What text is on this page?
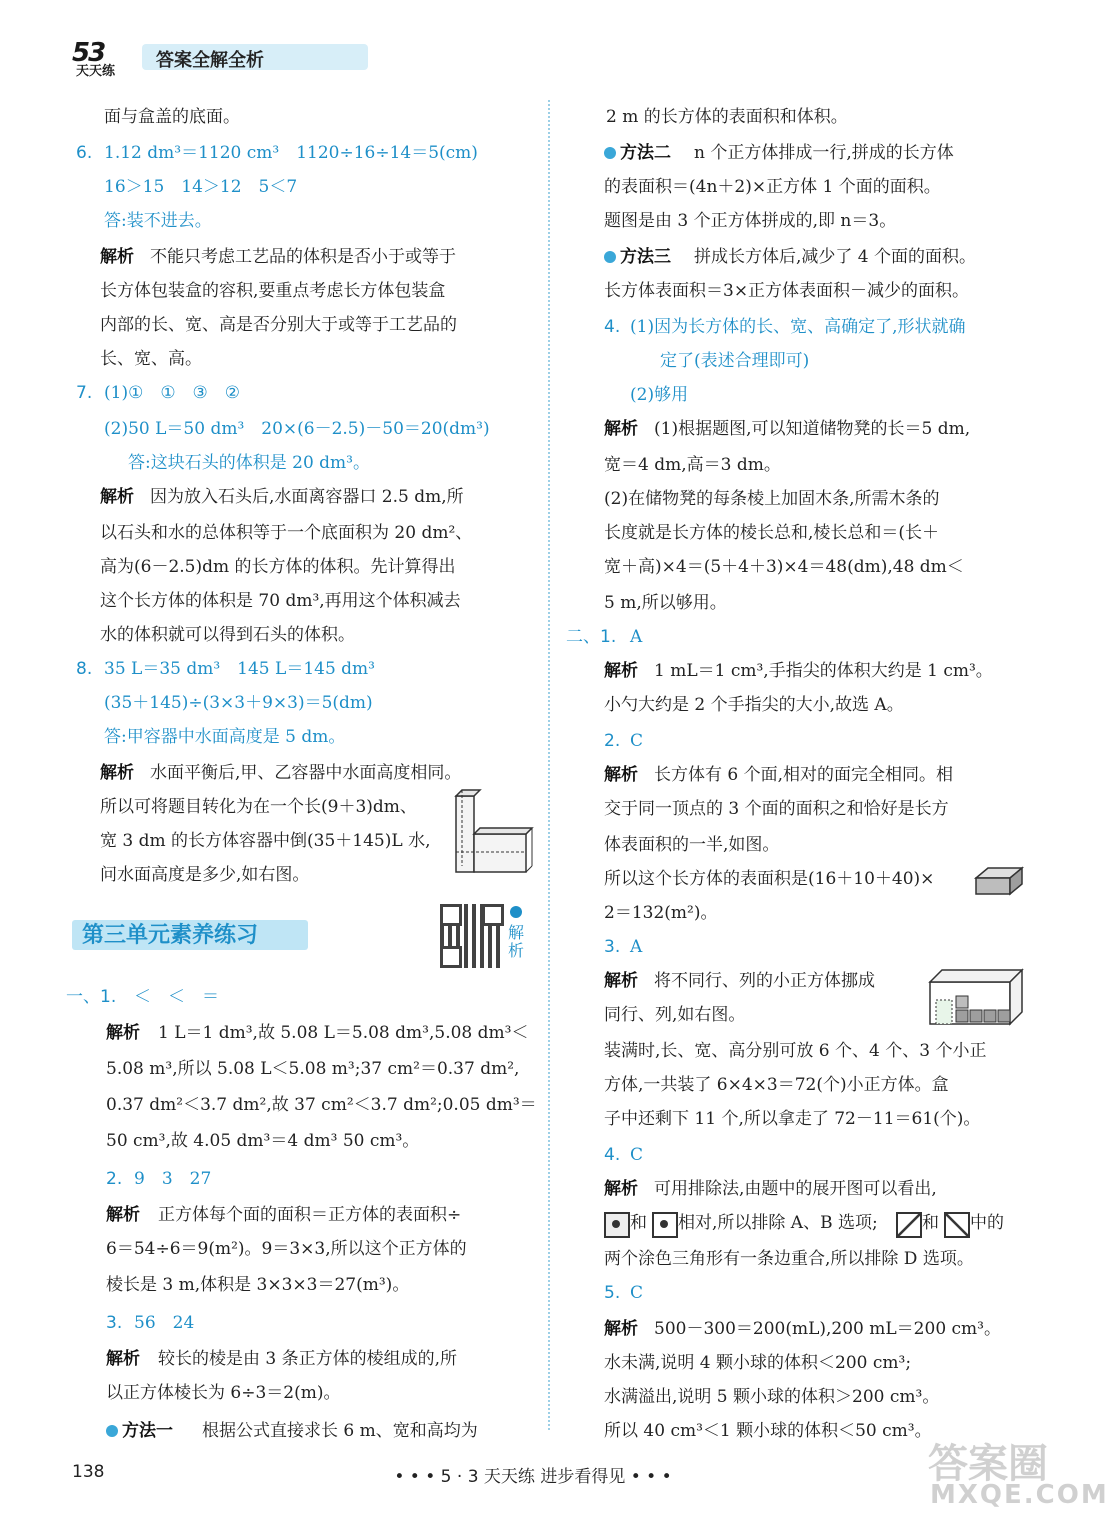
53
天天练
答案全解全析
面与盒盖的底面。
6. 1.12 dm³＝1120 cm³　1120÷16÷14＝5(cm)
16＞15　14＞12　5＜7
答:装不进去。
解析 不能只考虑工艺品的体积是否小于或等于
长方体包装盒的容积,要重点考虑长方体包装盒
内部的长、宽、高是否分别大于或等于工艺品的
长、宽、高。
7. (1)①　①　③　②
(2)50 L＝50 dm³　20×(6－2.5)－50＝20(dm³)
答:这块石头的体积是 20 dm³。
解析 因为放入石头后,水面离容器口 2.5 dm,所
以石头和水的总体积等于一个底面积为 20 dm²、
高为(6－2.5)dm 的长方体的体积。先计算得出
这个长方体的体积是 70 dm³,再用这个体积减去
水的体积就可以得到石头的体积。
8. 35 L＝35 dm³　145 L＝145 dm³
(35＋145)÷(3×3＋9×3)＝5(dm)
答:甲容器中水面高度是 5 dm。
解析 水面平衡后,甲、乙容器中水面高度相同。
所以可将题目转化为在一个长(9＋3)dm、
宽 3 dm 的长方体容器中倒(35＋145)L 水,
问水面高度是多少,如右图。
第三单元素养练习	解析
一、1. ＜　＜　＝
解析 1 L＝1 dm³,故 5.08 L＝5.08 dm³,5.08 dm³＜
5.08 m³,所以 5.08 L＜5.08 m³;37 cm²＝0.37 dm²,
0.37 dm²＜3.7 dm²,故 37 cm²＜3.7 dm²;0.05 dm³＝
50 cm³,故 4.05 dm³＝4 dm³ 50 cm³。
2. 9　3　27
解析 正方体每个面的面积＝正方体的表面积÷
6＝54÷6＝9(m²)。9＝3×3,所以这个正方体的
棱长是 3 m,体积是 3×3×3＝27(m³)。
3. 56　24
解析 较长的棱是由 3 条正方体的棱组成的,所
以正方体棱长为 6÷3＝2(m)。
方法一 根据公式直接求长 6 m、宽和高均为
2 m 的长方体的表面积和体积。
方法二 n 个正方体排成一行,拼成的长方体
的表面积＝(4n＋2)×正方体 1 个面的面积。
题图是由 3 个正方体拼成的,即 n＝3。
方法三 拼成长方体后,减少了 4 个面的面积。
长方体表面积＝3×正方体表面积－减少的面积。
4. (1)因为长方体的长、宽、高确定了,形状就确
定了(表述合理即可)
(2)够用
解析 (1)根据题图,可以知道储物凳的长＝5 dm,
宽＝4 dm,高＝3 dm。
(2)在储物凳的每条棱上加固木条,所需木条的
长度就是长方体的棱长总和,棱长总和＝(长＋
宽＋高)×4＝(5＋4＋3)×4＝48(dm),48 dm＜
5 m,所以够用。
二、1. A
解析 1 mL＝1 cm³,手指尖的体积大约是 1 cm³。
小勺大约是 2 个手指尖的大小,故选 A。
2. C
解析 长方体有 6 个面,相对的面完全相同。相
交于同一顶点的 3 个面的面积之和恰好是长方
体表面积的一半,如图。
所以这个长方体的表面积是(16＋10＋40)×
2＝132(m²)。
3. A
解析 将不同行、列的小正方体挪成
同行、列,如右图。
装满时,长、宽、高分别可放 6 个、4 个、3 个小正
方体,一共装了 6×4×3＝72(个)小正方体。盒
子中还剩下 11 个,所以拿走了 72－11＝61(个)。
4. C
解析 可用排除法,由题中的展开图可以看出,
和 相对,所以排除 A、B 选项;	和 中的
两个涂色三角形有一条边重合,所以排除 D 选项。
5. C
解析 500－300＝200(mL),200 mL＝200 cm³。
水未满,说明 4 颗小球的体积＜200 cm³;
水满溢出,说明 5 颗小球的体积＞200 cm³。
所以 40 cm³＜1 颗小球的体积＜50 cm³。
138	• • • 5 · 3 天天练 进步看得见 • • •	答案圈
MXQE.COM
